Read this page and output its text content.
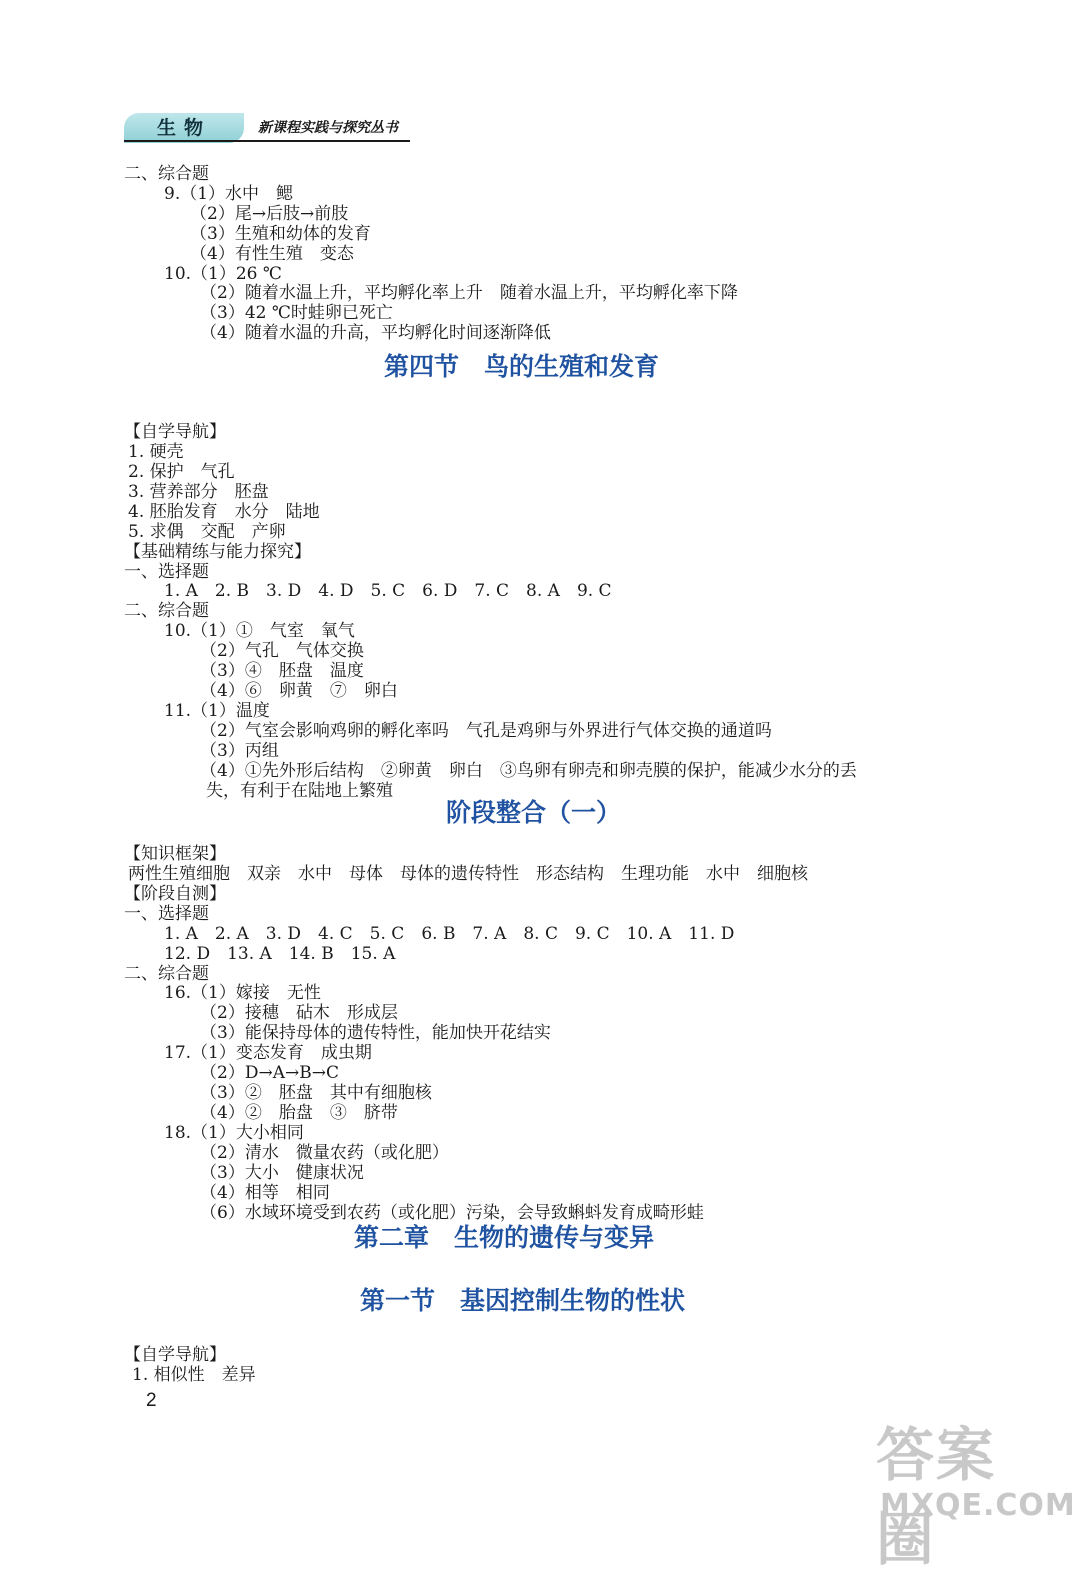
生物	新课程实践与探究丛书
二、综合题
9.（1）水中　鳃
（2）尾→后肢→前肢
（3）生殖和幼体的发育
（4）有性生殖　变态
10.（1）26 ℃
（2）随着水温上升，平均孵化率上升　随着水温上升，平均孵化率下降
（3）42 ℃时蛙卵已死亡
（4）随着水温的升高，平均孵化时间逐渐降低
第四节　鸟的生殖和发育
【自学导航】
1. 硬壳
2. 保护　气孔
3. 营养部分　胚盘
4. 胚胎发育　水分　陆地
5. 求偶　交配　产卵
【基础精练与能力探究】
一、选择题
1. A　2. B　3. D　4. D　5. C　6. D　7. C　8. A　9. C
二、综合题
10.（1）①　气室　氧气
（2）气孔　气体交换
（3）④　胚盘　温度
（4）⑥　卵黄　⑦　卵白
11.（1）温度
（2）气室会影响鸡卵的孵化率吗　气孔是鸡卵与外界进行气体交换的通道吗
（3）丙组
（4）①先外形后结构　②卵黄　卵白　③鸟卵有卵壳和卵壳膜的保护，能减少水分的丢
失，有利于在陆地上繁殖
阶段整合（一）
【知识框架】
两性生殖细胞　双亲　水中　母体　母体的遗传特性　形态结构　生理功能　水中　细胞核
【阶段自测】
一、选择题
1. A　2. A　3. D　4. C　5. C　6. B　7. A　8. C　9. C　10. A　11. D
12. D　13. A　14. B　15. A
二、综合题
16.（1）嫁接　无性
（2）接穗　砧木　形成层
（3）能保持母体的遗传特性，能加快开花结实
17.（1）变态发育　成虫期
（2）D→A→B→C
（3）②　胚盘　其中有细胞核
（4）②　胎盘　③　脐带
18.（1）大小相同
（2）清水　微量农药（或化肥）
（3）大小　健康状况
（4）相等　相同
（6）水域环境受到农药（或化肥）污染，会导致蝌蚪发育成畸形蛙
第二章　生物的遗传与变异
第一节　基因控制生物的性状
【自学导航】
1. 相似性　差异
2
答案圈
MXQE.COM
